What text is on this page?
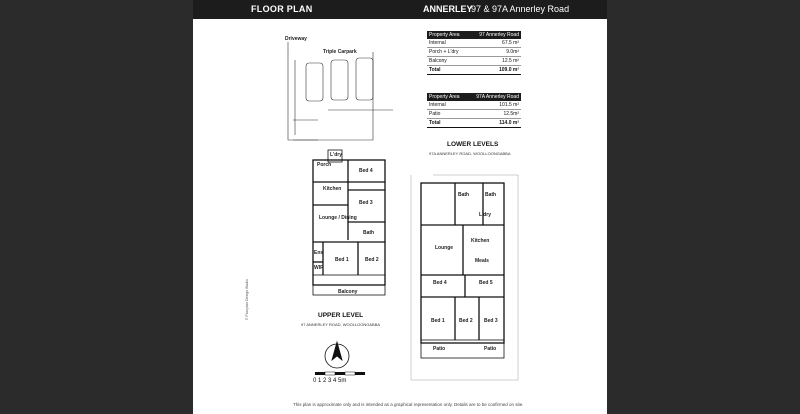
FLOOR PLAN	ANNERLEY
97 & 97A Annerley Road
Property Area	97 Annerley Road
Internal	67.5 m²
Porch + L'dry	9.0m²
Balcony	12.5 m²
Total	109.0 m²
Property Area	97A Annerley Road
Internal	101.5 m²
Patio	12.5m²
Total	114.0 m²
Driveway
Triple Carpark
Porch
L'dry
Bed 4
Kitchen
Bed 3
Lounge / Dining
Bath
Ens
WIR
Bed 1	Bed 2
Balcony
UPPER LEVEL
97 ANNERLEY ROAD, WOOLLOONGABBA
LOWER LEVELS
97A ANNERLEY ROAD, WOOLLOONGABBA
Bath	Bath
L'dry
Lounge
Kitchen
Meals
Bed 4	Bed 5
Bed 1	Bed 2 Bed 3
Patio	Patio
0 1 2 3 4 5m
© Floorplan Design Studio
This plan is approximate only and is intended as a graphical representation only. Details are to be confirmed on site.
